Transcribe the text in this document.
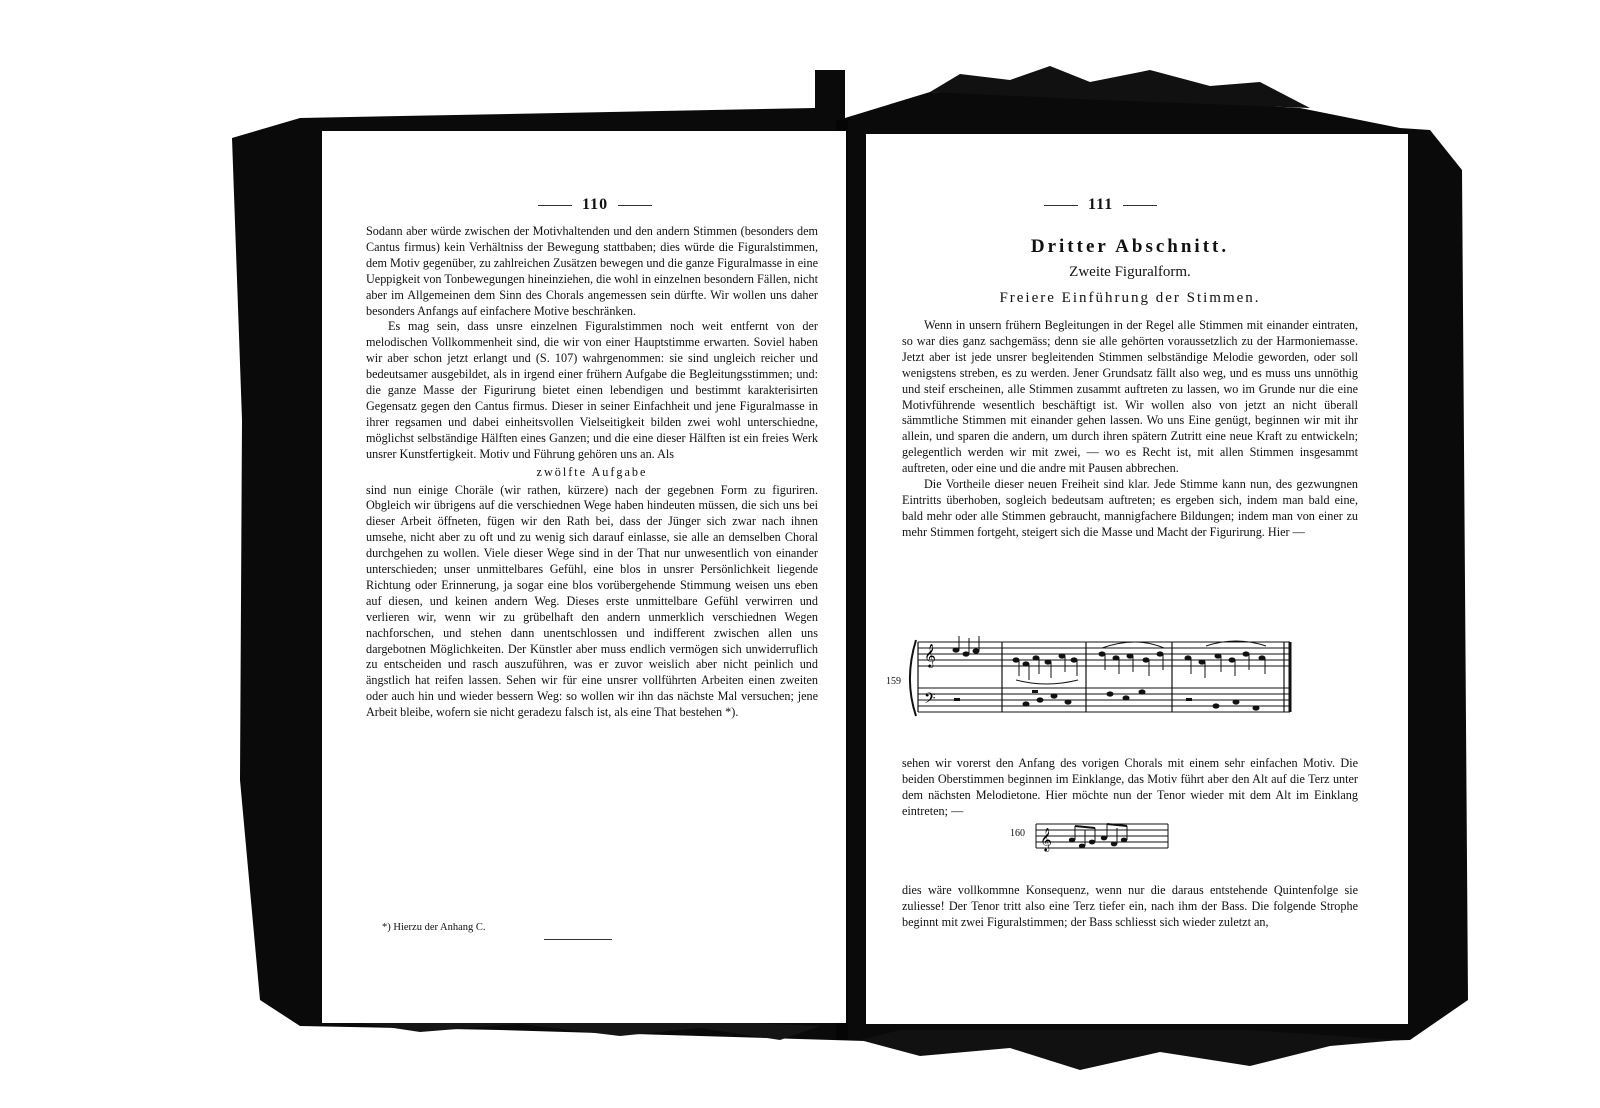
110

Sodann aber würde zwischen der Motivhaltenden und den andern Stimmen (besonders dem Cantus firmus) kein Verhältniss der Bewegung stattbaben; dies würde die Figuralstimmen, dem Motiv gegenüber, zu zahlreichen Zusätzen bewegen und die ganze Figuralmasse in eine Ueppigkeit von Tonbewegungen hineinziehen, die wohl in einzelnen besondern Fällen, nicht aber im Allgemeinen dem Sinn des Chorals angemessen sein dürfte. Wir wollen uns daher besonders Anfangs auf einfachere Motive beschränken.

Es mag sein, dass unsre einzelnen Figuralstimmen noch weit entfernt von der melodischen Vollkommenheit sind, die wir von einer Hauptstimme erwarten. Soviel haben wir aber schon jetzt erlangt und (S. 107) wahrgenommen: sie sind ungleich reicher und bedeutsamer ausgebildet, als in irgend einer frühern Aufgabe die Begleitungsstimmen; und: die ganze Masse der Figurirung bietet einen lebendigen und bestimmt karakterisirten Gegensatz gegen den Cantus firmus. Dieser in seiner Einfachheit und jene Figuralmasse in ihrer regsamen und dabei einheitsvollen Vielseitigkeit bilden zwei wohl unterschiedne, möglichst selbständige Hälften eines Ganzen; und die eine dieser Hälften ist ein freies Werk unsrer Kunstfertigkeit. Motiv und Führung gehören uns an. Als

zwölfte Aufgabe

sind nun einige Choräle (wir rathen, kürzere) nach der gegebnen Form zu figuriren. Obgleich wir übrigens auf die verschiednen Wege haben hindeuten müssen, die sich uns bei dieser Arbeit öffneten, fügen wir den Rath bei, dass der Jünger sich zwar nach ihnen umsehe, nicht aber zu oft und zu wenig sich darauf einlasse, sie alle an demselben Choral durchgehen zu wollen. Viele dieser Wege sind in der That nur unwesentlich von einander unterschieden; unser unmittelbares Gefühl, eine blos in unsrer Persönlichkeit liegende Richtung oder Erinnerung, ja sogar eine blos vorübergehende Stimmung weisen uns eben auf diesen, und keinen andern Weg. Dieses erste unmittelbare Gefühl verwirren und verlieren wir, wenn wir zu grübelhaft den andern unmerklich verschiednen Wegen nachforschen, und stehen dann unentschlossen und indifferent zwischen allen uns dargebotnen Möglichkeiten. Der Künstler aber muss endlich vermögen sich unwiderruflich zu entscheiden und rasch auszuführen, was er zuvor weislich aber nicht peinlich und ängstlich hat reifen lassen. Sehen wir für eine unsrer vollführten Arbeiten einen zweiten oder auch hin und wieder bessern Weg: so wollen wir ihn das nächste Mal versuchen; jene Arbeit bleibe, wofern sie nicht geradezu falsch ist, als eine That bestehen *).

*) Hierzu der Anhang C.
111
Dritter Abschnitt.
Zweite Figuralform.
Freiere Einführung der Stimmen.

Wenn in unsern frühern Begleitungen in der Regel alle Stimmen mit einander eintraten, so war dies ganz sachgemäss; denn sie alle gehörten voraussetzlich zu der Harmoniemasse. Jetzt aber ist jede unsrer begleitenden Stimmen selbständige Melodie geworden, oder soll wenigstens streben, es zu werden. Jener Grundsatz fällt also weg, und es muss uns unnöthig und steif erscheinen, alle Stimmen zusammt auftreten zu lassen, wo im Grunde nur die eine Motivführende wesentlich beschäftigt ist. Wir wollen also von jetzt an nicht überall sämmtliche Stimmen mit einander gehen lassen. Wo uns Eine genügt, beginnen wir mit ihr allein, und sparen die andern, um durch ihren spätern Zutritt eine neue Kraft zu entwickeln; gelegentlich werden wir mit zwei, — wo es Recht ist, mit allen Stimmen insgesammt auftreten, oder eine und die andre mit Pausen abbrechen.

Die Vortheile dieser neuen Freiheit sind klar. Jede Stimme kann nun, des gezwungnen Eintritts überhoben, sogleich bedeutsam auftreten; es ergeben sich, indem man bald eine, bald mehr oder alle Stimmen gebraucht, mannigfachere Bildungen; indem man von einer zu mehr Stimmen fortgeht, steigert sich die Masse und Macht der Figurirung. Hier —

159
𝄞
𝄢

sehen wir vorerst den Anfang des vorigen Chorals mit einem sehr einfachen Motiv. Die beiden Oberstimmen beginnen im Einklange, das Motiv führt aber den Alt auf die Terz unter dem nächsten Melodietone. Hier möchte nun der Tenor wieder mit dem Alt im Einklang eintreten; —

160 𝄞

dies wäre vollkommne Konsequenz, wenn nur die daraus entstehende Quintenfolge sie zuliesse! Der Tenor tritt also eine Terz tiefer ein, nach ihm der Bass. Die folgende Strophe beginnt mit zwei Figuralstimmen; der Bass schliesst sich wieder zuletzt an,
